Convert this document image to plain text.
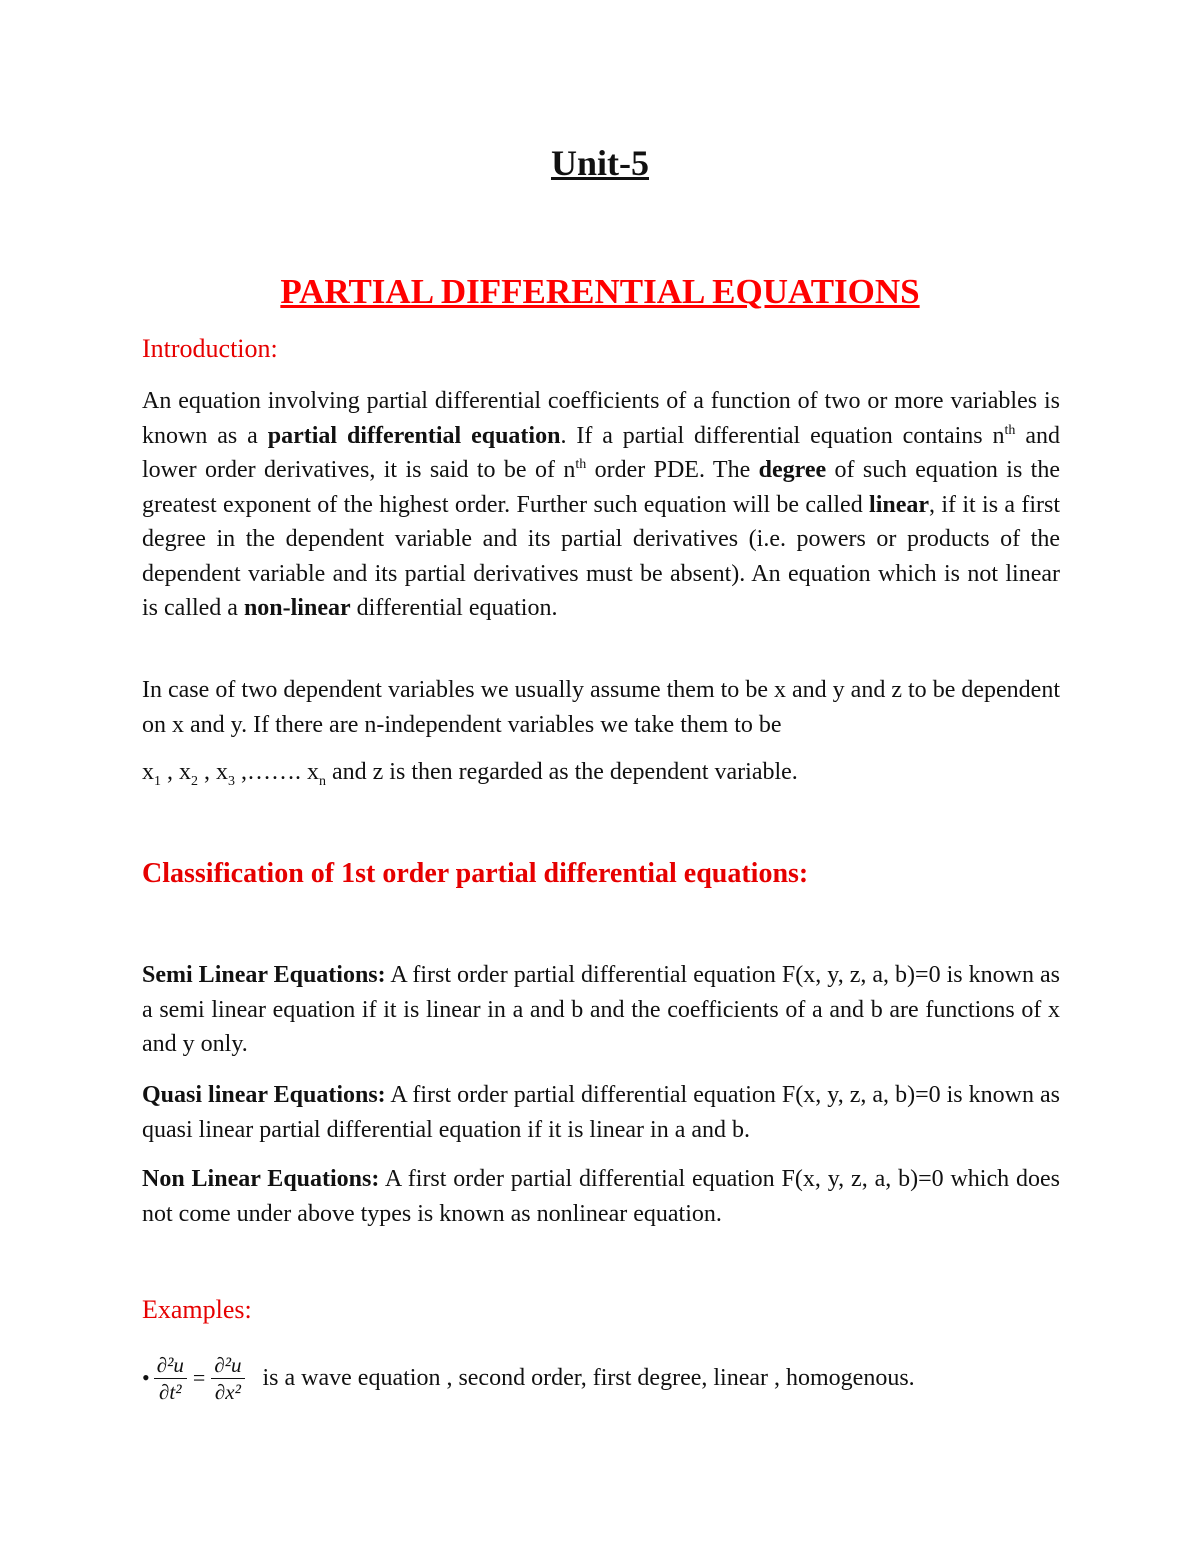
Unit-5
PARTIAL DIFFERENTIAL EQUATIONS
Introduction:

An equation involving partial differential coefficients of a function of two or more variables is known as a partial differential equation. If a partial differential equation contains $n^{th}$ and lower order derivatives, it is said to be of $n^{th}$ order PDE. The degree of such equation is the greatest exponent of the highest order. Further such equation will be called linear, if it is a first degree in the dependent variable and its partial derivatives (i.e. powers or products of the dependent variable and its partial derivatives must be absent). An equation which is not linear is called a non-linear differential equation.

In case of two dependent variables we usually assume them to be x and y and z to be dependent on x and y. If there are n-independent variables we take them to be

$x_1$ , $x_2$ , $x_3$ ,……. $x_n$ and z is then regarded as the dependent variable.

Classification of 1st order partial differential equations:

Semi Linear Equations: A first order partial differential equation F(x, y, z, a, b)=0 is known as a semi linear equation if it is linear in a and b and the coefficients of a and b are functions of x and y only.

Quasi linear Equations: A first order partial differential equation F(x, y, z, a, b)=0 is known as quasi linear partial differential equation if it is linear in a and b.

Non Linear Equations: A first order partial differential equation F(x, y, z, a, b)=0 which does not come under above types is known as nonlinear equation.

Examples:
• $\frac{\text{∂²u}}{\text{∂t²}} = \frac{\text{∂²u}}{\text{∂x²}}$ is a wave equation , second order, first degree, linear , homogenous.
